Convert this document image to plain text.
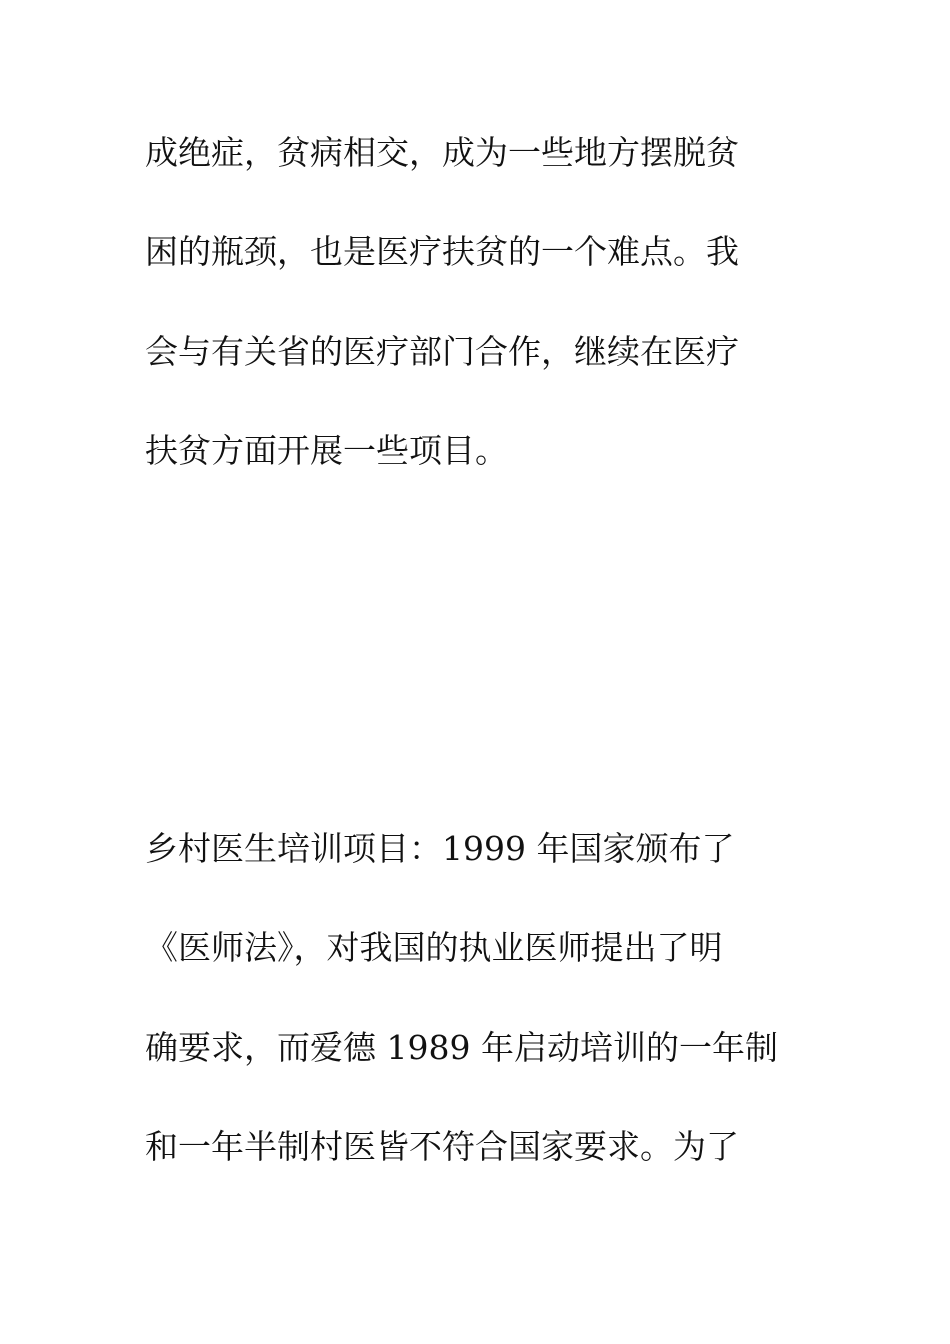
成绝症，贫病相交，成为一些地方摆脱贫
困的瓶颈，也是医疗扶贫的一个难点。我
会与有关省的医疗部门合作，继续在医疗
扶贫方面开展一些项目。
乡村医生培训项目：1999 年国家颁布了
《医师法》，对我国的执业医师提出了明
确要求，而爱德 1989 年启动培训的一年制
和一年半制村医皆不符合国家要求。为了
